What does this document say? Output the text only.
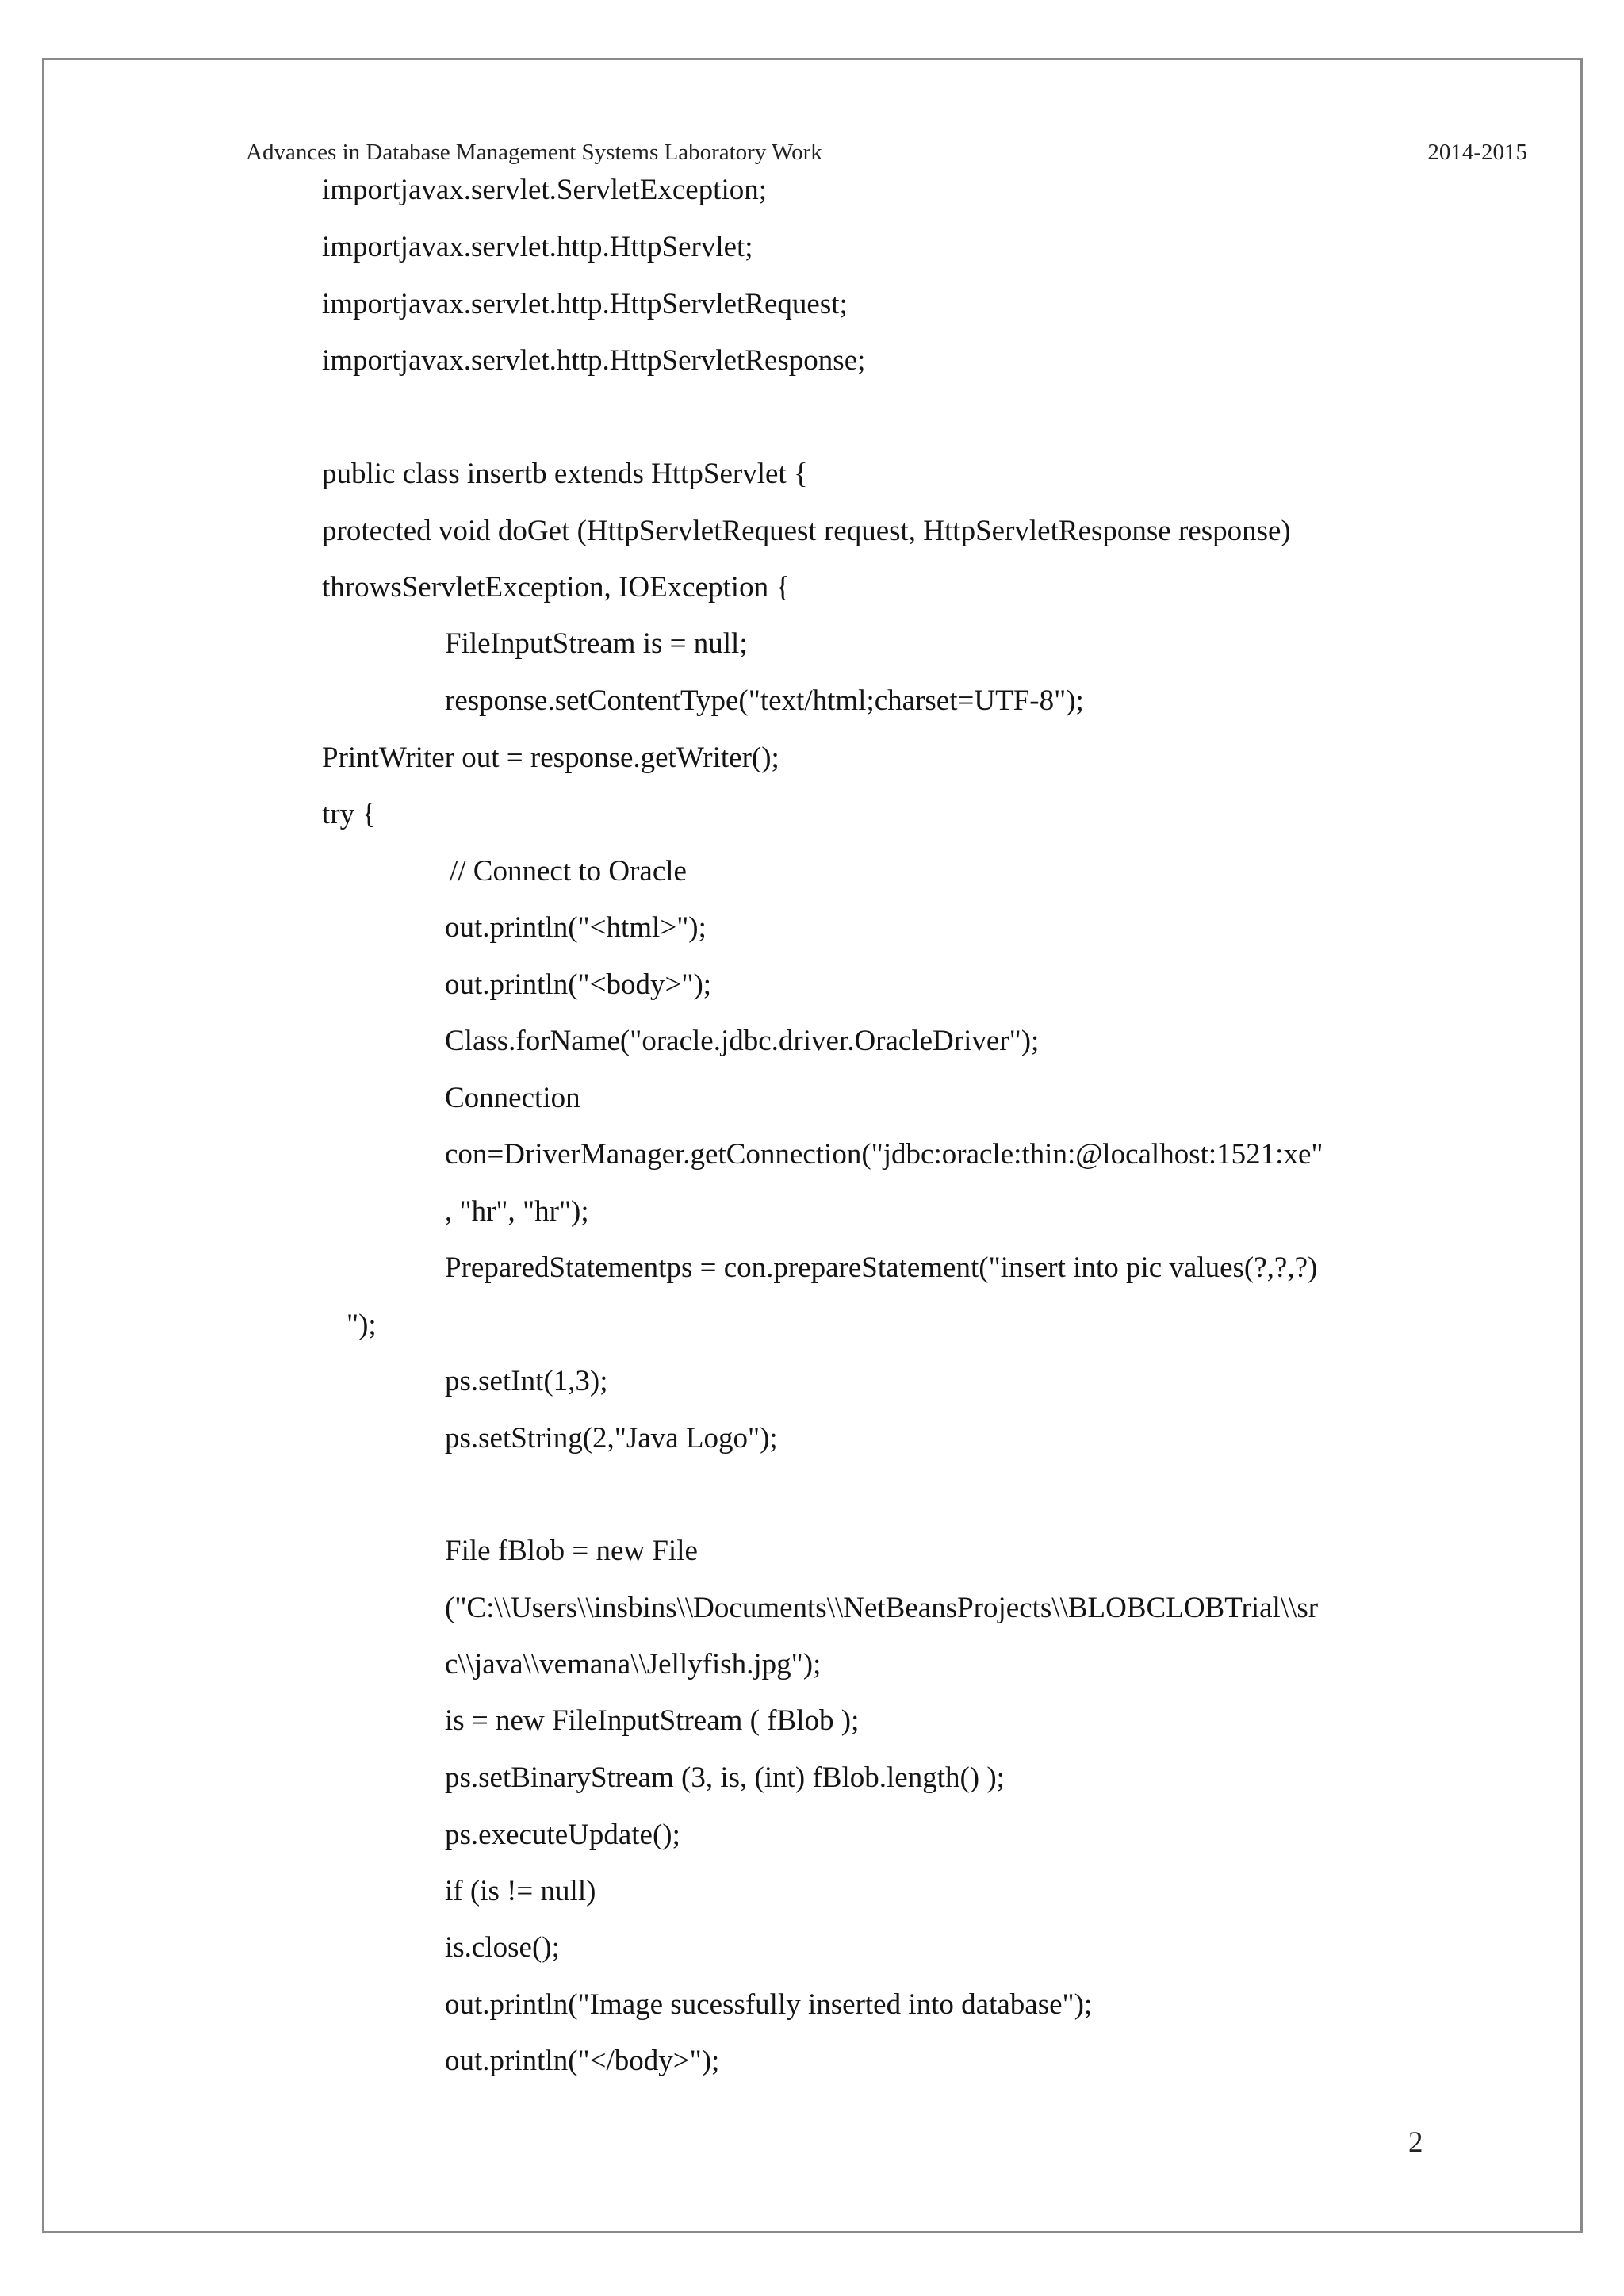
Advances in Database Management Systems Laboratory Work	2014-2015
importjavax.servlet.ServletException;
importjavax.servlet.http.HttpServlet;
importjavax.servlet.http.HttpServletRequest;
importjavax.servlet.http.HttpServletResponse;
public class insertb extends HttpServlet {
protected void doGet (HttpServletRequest request, HttpServletResponse response)
throwsServletException, IOException {
FileInputStream is = null;
response.setContentType("text/html;charset=UTF-8");
PrintWriter out = response.getWriter();
try {
// Connect to Oracle
out.println("<html>");
out.println("<body>");
Class.forName("oracle.jdbc.driver.OracleDriver");
Connection
con=DriverManager.getConnection("jdbc:oracle:thin:@localhost:1521:xe"
, "hr", "hr");
PreparedStatementps = con.prepareStatement("insert into pic values(?,?,?)
");
ps.setInt(1,3);
ps.setString(2,"Java Logo");
File fBlob = new File
("C:\\Users\\insbins\\Documents\\NetBeansProjects\\BLOBCLOBTrial\\sr
c\\java\\vemana\\Jellyfish.jpg");
is = new FileInputStream ( fBlob );
ps.setBinaryStream (3, is, (int) fBlob.length() );
ps.executeUpdate();
if (is != null)
is.close();
out.println("Image sucessfully inserted into database");
out.println("</body>");
2
